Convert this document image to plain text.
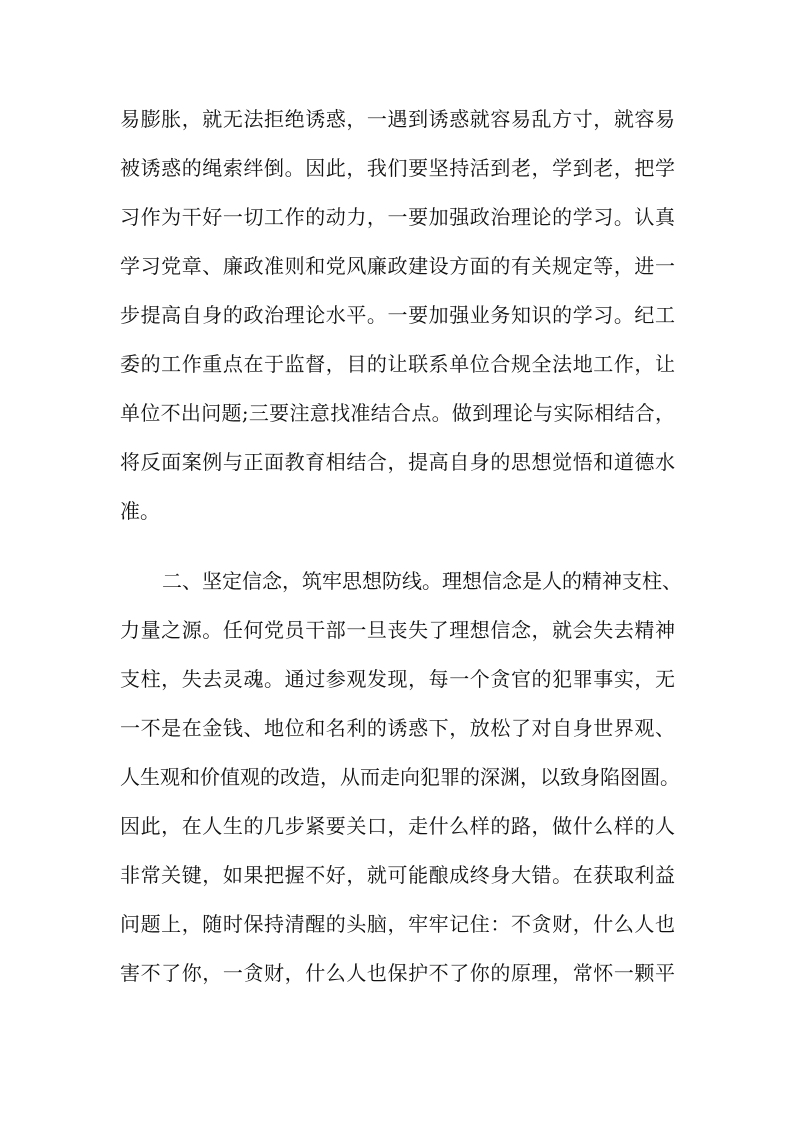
易膨胀，就无法拒绝诱惑，一遇到诱惑就容易乱方寸，就容易
被诱惑的绳索绊倒。因此，我们要坚持活到老，学到老，把学
习作为干好一切工作的动力，一要加强政治理论的学习。认真
学习党章、廉政准则和党风廉政建设方面的有关规定等，进一
步提高自身的政治理论水平。一要加强业务知识的学习。纪工
委的工作重点在于监督，目的让联系单位合规全法地工作，让
单位不出问题;三要注意找准结合点。做到理论与实际相结合，
将反面案例与正面教育相结合，提高自身的思想觉悟和道德水
准。
二、坚定信念，筑牢思想防线。理想信念是人的精神支柱、
力量之源。任何党员干部一旦丧失了理想信念，就会失去精神
支柱，失去灵魂。通过参观发现，每一个贪官的犯罪事实，无
一不是在金钱、地位和名利的诱惑下，放松了对自身世界观、
人生观和价值观的改造，从而走向犯罪的深渊，以致身陷囹圄。
因此，在人生的几步紧要关口，走什么样的路，做什么样的人
非常关键，如果把握不好，就可能酿成终身大错。在获取利益
问题上，随时保持清醒的头脑，牢牢记住：不贪财，什么人也
害不了你，一贪财，什么人也保护不了你的原理，常怀一颗平
